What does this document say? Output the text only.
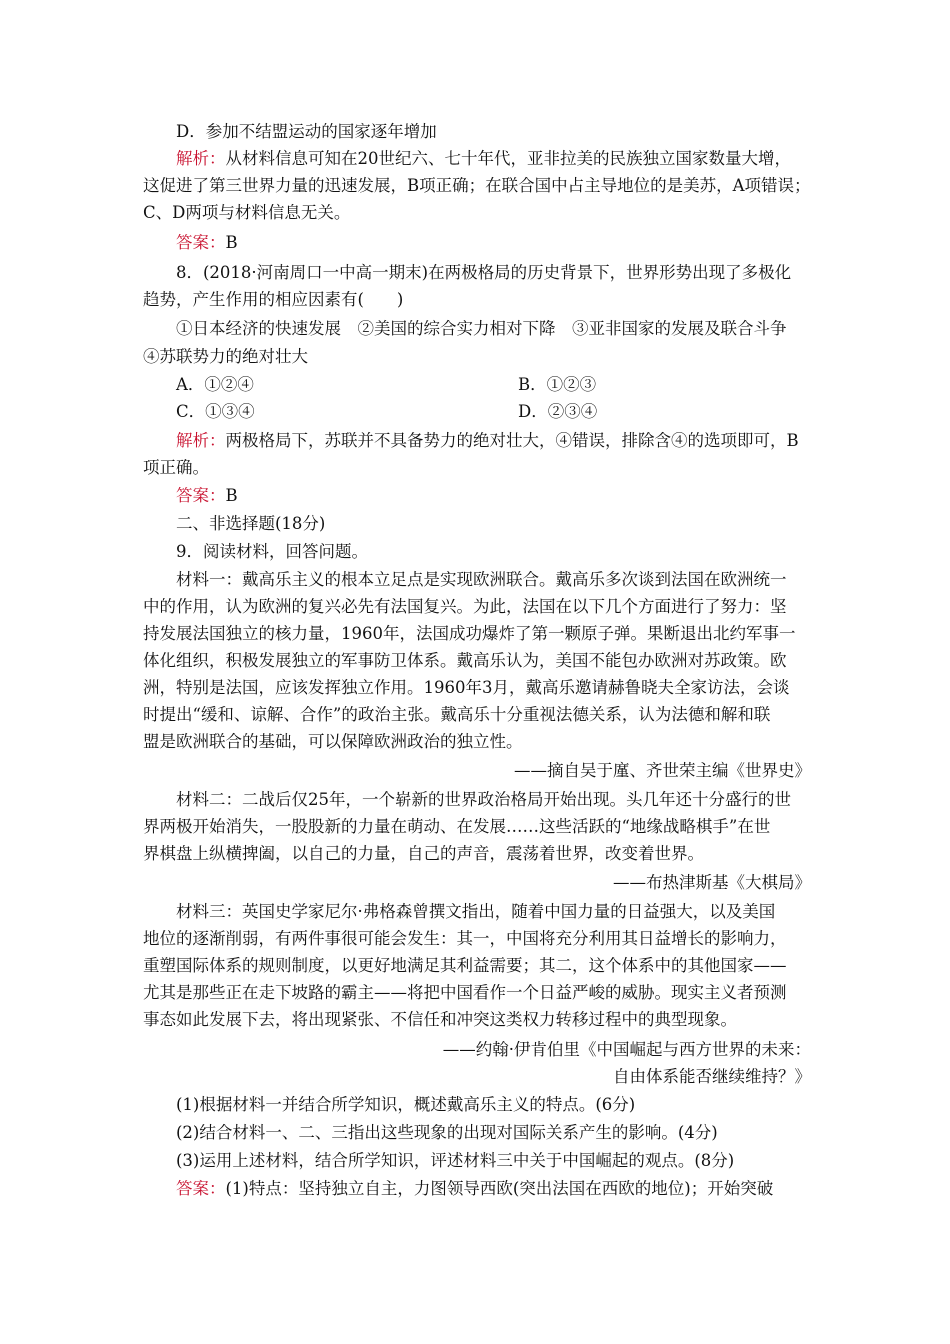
D．参加不结盟运动的国家逐年增加
解析：从材料信息可知在20世纪六、七十年代，亚非拉美的民族独立国家数量大增，
这促进了第三世界力量的迅速发展，B项正确；在联合国中占主导地位的是美苏，A项错误；
C、D两项与材料信息无关。
答案：B
8．(2018·河南周口一中高一期末)在两极格局的历史背景下，世界形势出现了多极化
趋势，产生作用的相应因素有(　　)
①日本经济的快速发展　②美国的综合实力相对下降　③亚非国家的发展及联合斗争
④苏联势力的绝对壮大
A．①②④	B．①②③
C．①③④	D．②③④
解析：两极格局下，苏联并不具备势力的绝对壮大，④错误，排除含④的选项即可，B
项正确。
答案：B
二、非选择题(18分)
9．阅读材料，回答问题。
材料一：戴高乐主义的根本立足点是实现欧洲联合。戴高乐多次谈到法国在欧洲统一
中的作用，认为欧洲的复兴必先有法国复兴。为此，法国在以下几个方面进行了努力：坚
持发展法国独立的核力量，1960年，法国成功爆炸了第一颗原子弹。果断退出北约军事一
体化组织，积极发展独立的军事防卫体系。戴高乐认为，美国不能包办欧洲对苏政策。欧
洲，特别是法国，应该发挥独立作用。1960年3月，戴高乐邀请赫鲁晓夫全家访法，会谈
时提出“缓和、谅解、合作”的政治主张。戴高乐十分重视法德关系，认为法德和解和联
盟是欧洲联合的基础，可以保障欧洲政治的独立性。
——摘自吴于廑、齐世荣主编《世界史》
材料二：二战后仅25年，一个崭新的世界政治格局开始出现。头几年还十分盛行的世
界两极开始消失，一股股新的力量在萌动、在发展……这些活跃的“地缘战略棋手”在世
界棋盘上纵横捭阖，以自己的力量，自己的声音，震荡着世界，改变着世界。
——布热津斯基《大棋局》
材料三：英国史学家尼尔·弗格森曾撰文指出，随着中国力量的日益强大，以及美国
地位的逐渐削弱，有两件事很可能会发生：其一，中国将充分利用其日益增长的影响力，
重塑国际体系的规则制度，以更好地满足其利益需要；其二，这个体系中的其他国家——
尤其是那些正在走下坡路的霸主——将把中国看作一个日益严峻的威胁。现实主义者预测
事态如此发展下去，将出现紧张、不信任和冲突这类权力转移过程中的典型现象。
——约翰·伊肯伯里《中国崛起与西方世界的未来：
自由体系能否继续维持？》
(1)根据材料一并结合所学知识，概述戴高乐主义的特点。(6分)
(2)结合材料一、二、三指出这些现象的出现对国际关系产生的影响。(4分)
(3)运用上述材料，结合所学知识，评述材料三中关于中国崛起的观点。(8分)
答案：(1)特点：坚持独立自主，力图领导西欧(突出法国在西欧的地位)；开始突破
